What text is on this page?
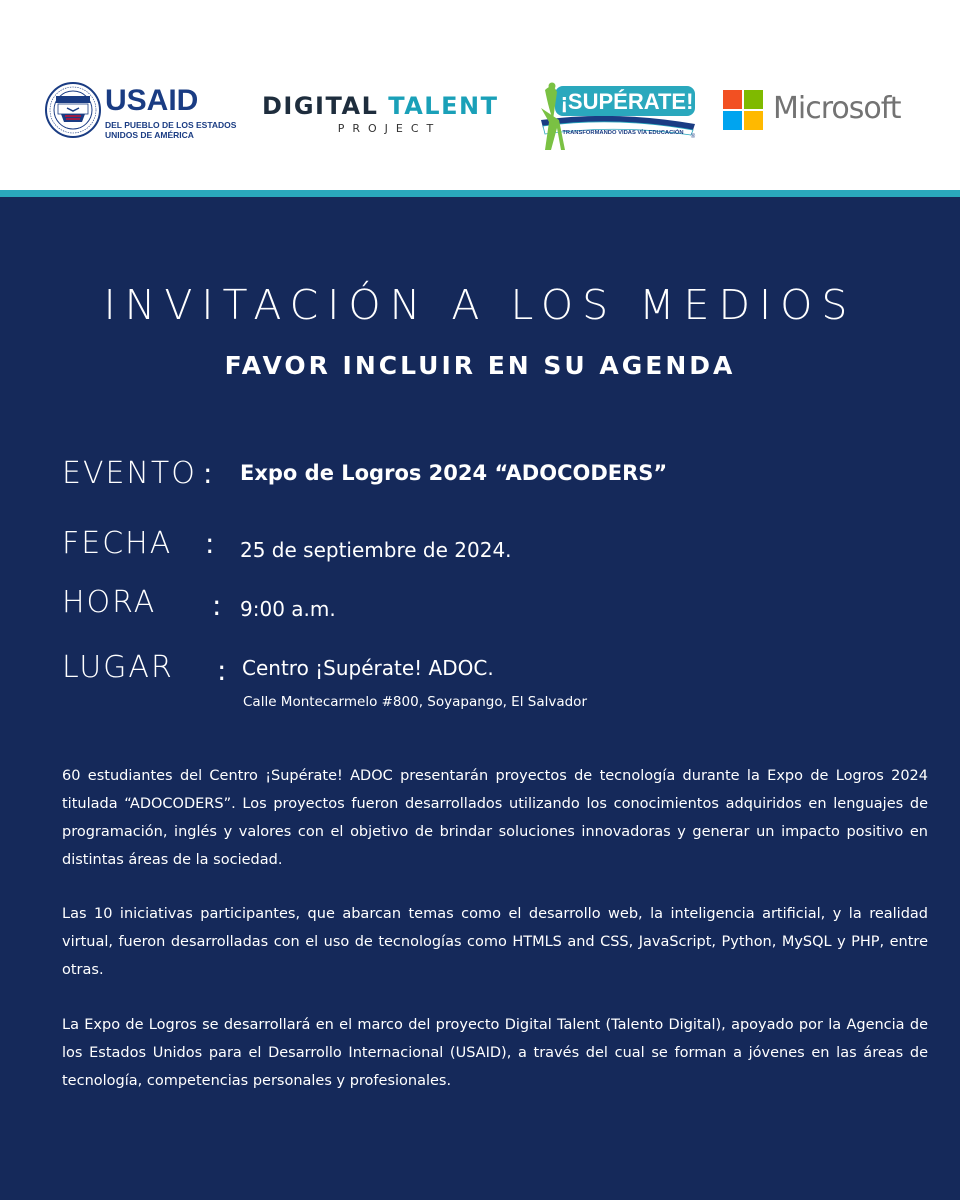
USAID
DEL PUEBLO DE LOS ESTADOS UNIDOS DE AMÉRICA
DIGITAL TALENT
PROJECT
¡SUPÉRATE!
TRANSFORMANDO VIDAS VÍA EDUCACIÓN
®
Microsoft
INVITACIÓN A LOS MEDIOS
FAVOR INCLUIR EN SU AGENDA
EVENTO : Expo de Logros 2024 “ADOCODERS”
FECHA : 25 de septiembre de 2024.
HORA : 9:00 a.m.
LUGAR : Centro ¡Supérate! ADOC.
Calle Montecarmelo #800, Soyapango, El Salvador

60 estudiantes del Centro ¡Supérate! ADOC presentarán proyectos de tecnología durante la Expo de Logros 2024 titulada “ADOCODERS”. Los proyectos fueron desarrollados utilizando los conocimientos adquiridos en lenguajes de programación, inglés y valores con el objetivo de brindar soluciones innovadoras y generar un impacto positivo en distintas áreas de la sociedad.

Las 10 iniciativas participantes, que abarcan temas como el desarrollo web, la inteligencia artificial, y la realidad virtual, fueron desarrolladas con el uso de tecnologías como HTMLS and CSS, JavaScript, Python, MySQL y PHP, entre otras.

La Expo de Logros se desarrollará en el marco del proyecto Digital Talent (Talento Digital), apoyado por la Agencia de los Estados Unidos para el Desarrollo Internacional (USAID), a través del cual se forman a jóvenes en las áreas de tecnología, competencias personales y profesionales.
